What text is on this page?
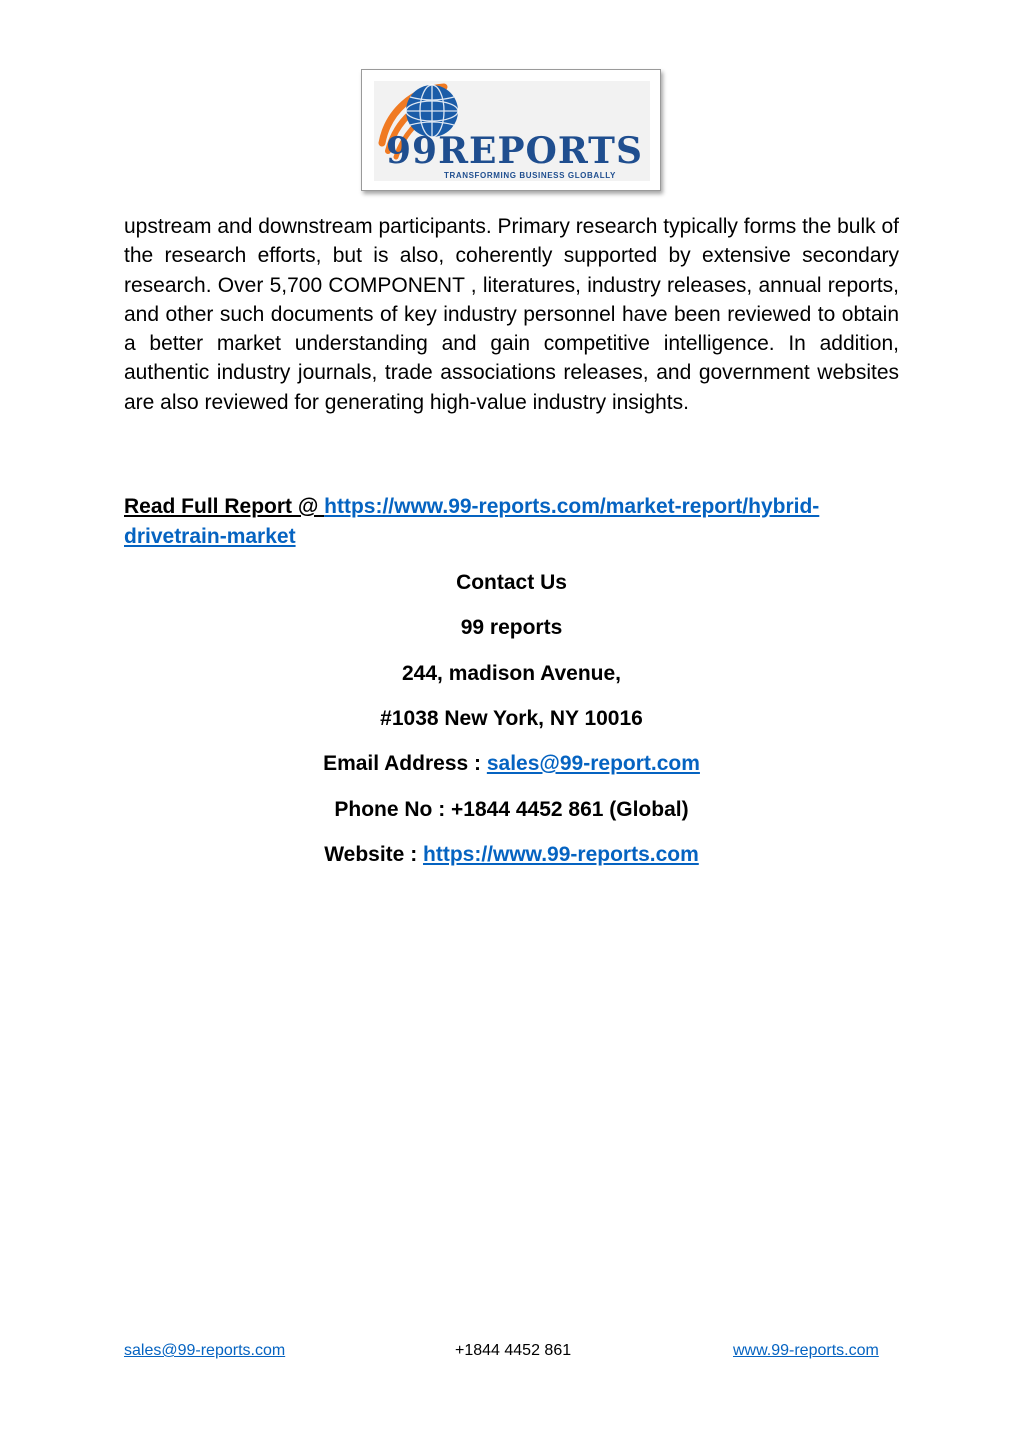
99REPORTS
TRANSFORMING BUSINESS GLOBALLY

upstream and downstream participants. Primary research typically forms the bulk of the research efforts, but is also, coherently supported by extensive secondary research. Over 5,700 COMPONENT , literatures, industry releases, annual reports, and other such documents of key industry personnel have been reviewed to obtain a better market understanding and gain competitive intelligence. In addition, authentic industry journals, trade associations releases, and government websites are also reviewed for generating high-value industry insights.

Read Full Report @ https://www.99-reports.com/market-report/hybrid-drivetrain-market

Contact Us

99 reports

244, madison Avenue,

#1038 New York, NY 10016

Email Address : sales@99-report.com

Phone No : +1844 4452 861 (Global)

Website : https://www.99-reports.com

sales@99-reports.com	+1844 4452 861	www.99-reports.com
